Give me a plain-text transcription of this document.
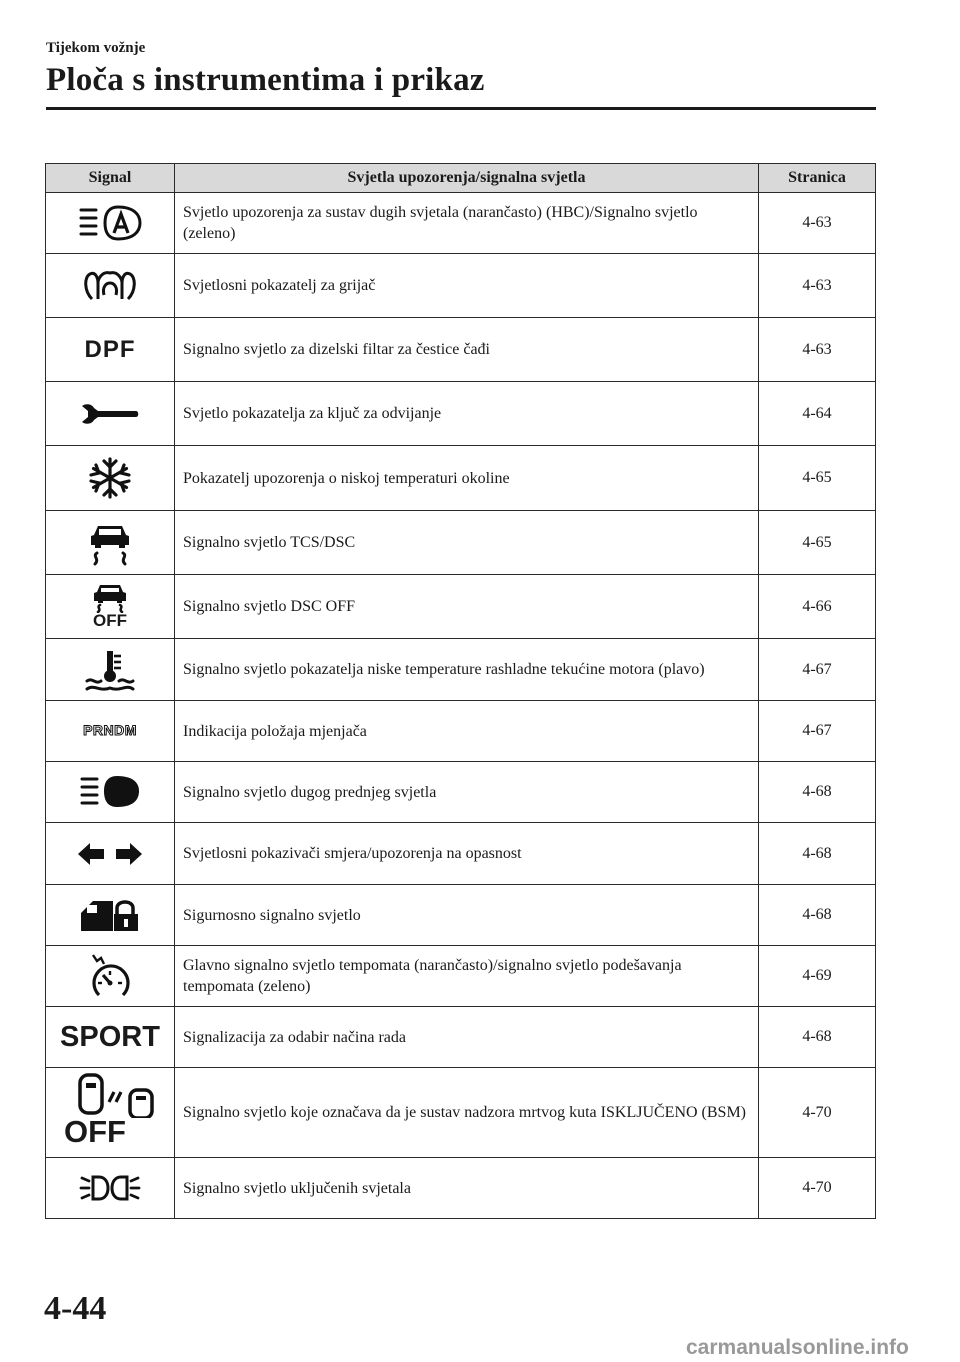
Tijekom vožnje
Ploča s instrumentima i prikaz
Signal	Svjetla upozorenja/signalna svjetla	Stranica
	Svjetlo upozorenja za sustav dugih svjetala (narančasto) (HBC)/Signalno svjetlo (zeleno)	4-63
	Svjetlosni pokazatelj za grijač	4-63
DPF	Signalno svjetlo za dizelski filtar za čestice čađi	4-63
	Svjetlo pokazatelja za ključ za odvijanje	4-64
	Pokazatelj upozorenja o niskoj temperaturi okoline	4-65
	Signalno svjetlo TCS/DSC	4-65

OFF	Signalno svjetlo DSC OFF	4-66
	Signalno svjetlo pokazatelja niske temperature rashladne tekućine motora (plavo)	4-67
PRNDM	Indikacija položaja mjenjača	4-67
	Signalno svjetlo dugog prednjeg svjetla	4-68
	Svjetlosni pokazivači smjera/upozorenja na opasnost	4-68
	Sigurnosno signalno svjetlo	4-68
	Glavno signalno svjetlo tempomata (narančasto)/signalno svjetlo podešavanja tempomata (zeleno)	4-69
SPORT	Signalizacija za odabir načina rada	4-68

OFF	Signalno svjetlo koje označava da je sustav nadzora mrtvog kuta ISKLJUČENO (BSM)	4-70
	Signalno svjetlo uključenih svjetala	4-70
4-44
carmanualsonline.info
